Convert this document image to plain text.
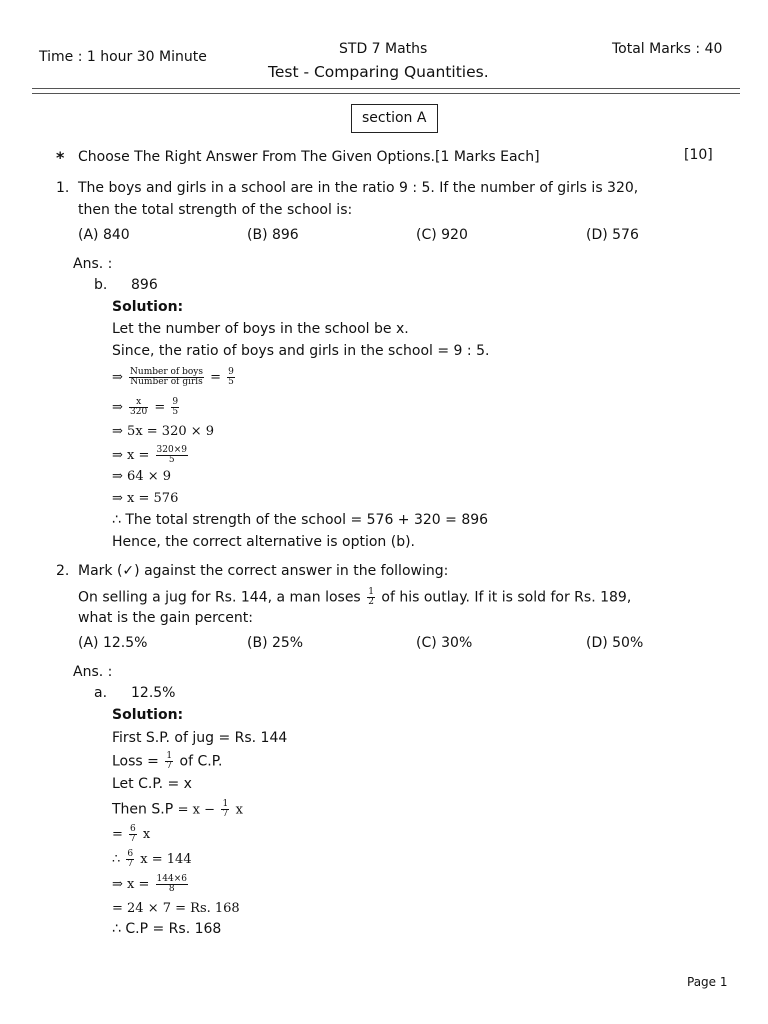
Time : 1 hour 30 Minute	STD 7 Maths	Total Marks : 40
Test - Comparing Quantities.
section A
* Choose The Right Answer From The Given Options.[1 Marks Each]	[10]
1. The boys and girls in a school are in the ratio 9 : 5. If the number of girls is 320,
then the total strength of the school is:
(A) 840	(B) 896	(C) 920	(D) 576
Ans. :
b. 896
Solution:
Let the number of boys in the school be x.
Since, the ratio of boys and girls in the school = 9 : 5.
⇒ $\frac{\text{Number of boys}}{\text{Number of girls}} = \frac{9}{5}$
⇒ $\frac{x}{320} = \frac{9}{5}$
⇒ 5x = 320 × 9
⇒ $x = \frac{320\times 9}{5}$
⇒ 64 × 9
⇒ x = 576
∴ The total strength of the school = 576 + 320 = 896
Hence, the correct alternative is option (b).
2. Mark (✓) against the correct answer in the following:
On selling a jug for Rs. 144, a man loses $\frac{1}{2}$ of his outlay. If it is sold for Rs. 189,
what is the gain percent:
(A) 12.5%	(B) 25%	(C) 30%	(D) 50%
Ans. :
a. 12.5%
Solution:
First S.P. of jug = Rs. 144
Loss = $\frac{1}{7}$ of C.P.
Let C.P. = x
Then $S.P = x - \frac{1}{7}$ x
= $\frac{6}{7}$ x
∴ $\frac{6}{7}$ x = 144
⇒ $x = \frac{144\times 6}{8}$
= 24 × 7 = Rs. 168
∴ C.P = Rs. 168
Page 1
